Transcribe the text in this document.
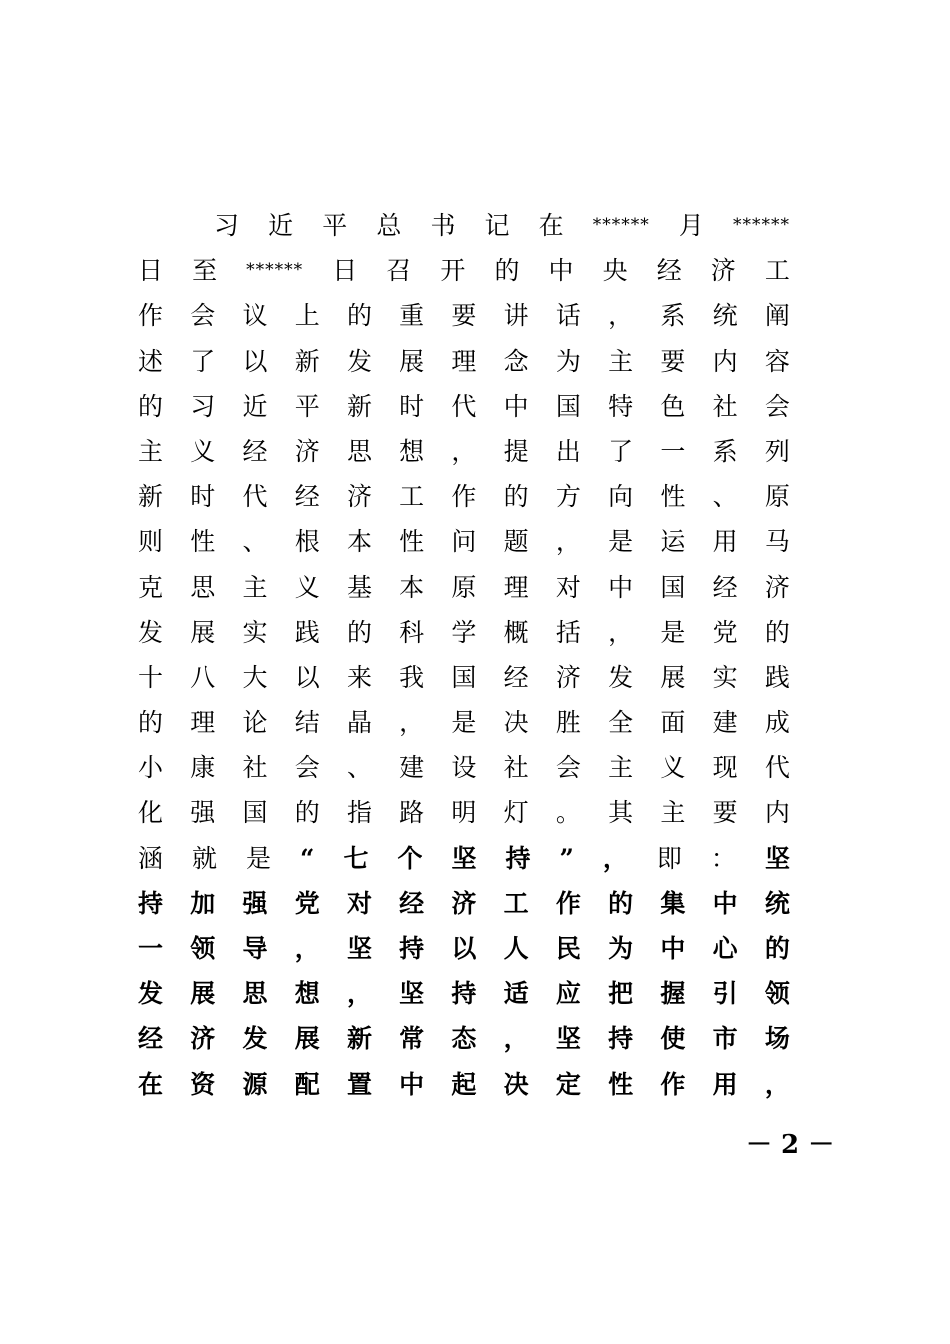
习 近 平 总 书 记 在 ****** 月 ******
日 至 ****** 日 召 开 的 中 央 经 济 工
作 会 议 上 的 重 要 讲 话 ， 系 统 阐
述 了 以 新 发 展 理 念 为 主 要 内 容
的 习 近 平 新 时 代 中 国 特 色 社 会
主 义 经 济 思 想 ， 提 出 了 一 系 列
新 时 代 经 济 工 作 的 方 向 性 、 原
则 性 、 根 本 性 问 题 ， 是 运 用 马
克 思 主 义 基 本 原 理 对 中 国 经 济
发 展 实 践 的 科 学 概 括 ， 是 党 的
十 八 大 以 来 我 国 经 济 发 展 实 践
的 理 论 结 晶 ， 是 决 胜 全 面 建 成
小 康 社 会 、 建 设 社 会 主 义 现 代
化 强 国 的 指 路 明 灯 。 其 主 要 内
涵 就 是 “ 七 个 坚 持 ” ， 即 ： 坚
持 加 强 党 对 经 济 工 作 的 集 中 统
一 领 导 ， 坚 持 以 人 民 为 中 心 的
发 展 思 想 ， 坚 持 适 应 把 握 引 领
经 济 发 展 新 常 态 ， 坚 持 使 市 场
在 资 源 配 置 中 起 决 定 性 作 用 ，
－ 2 －
